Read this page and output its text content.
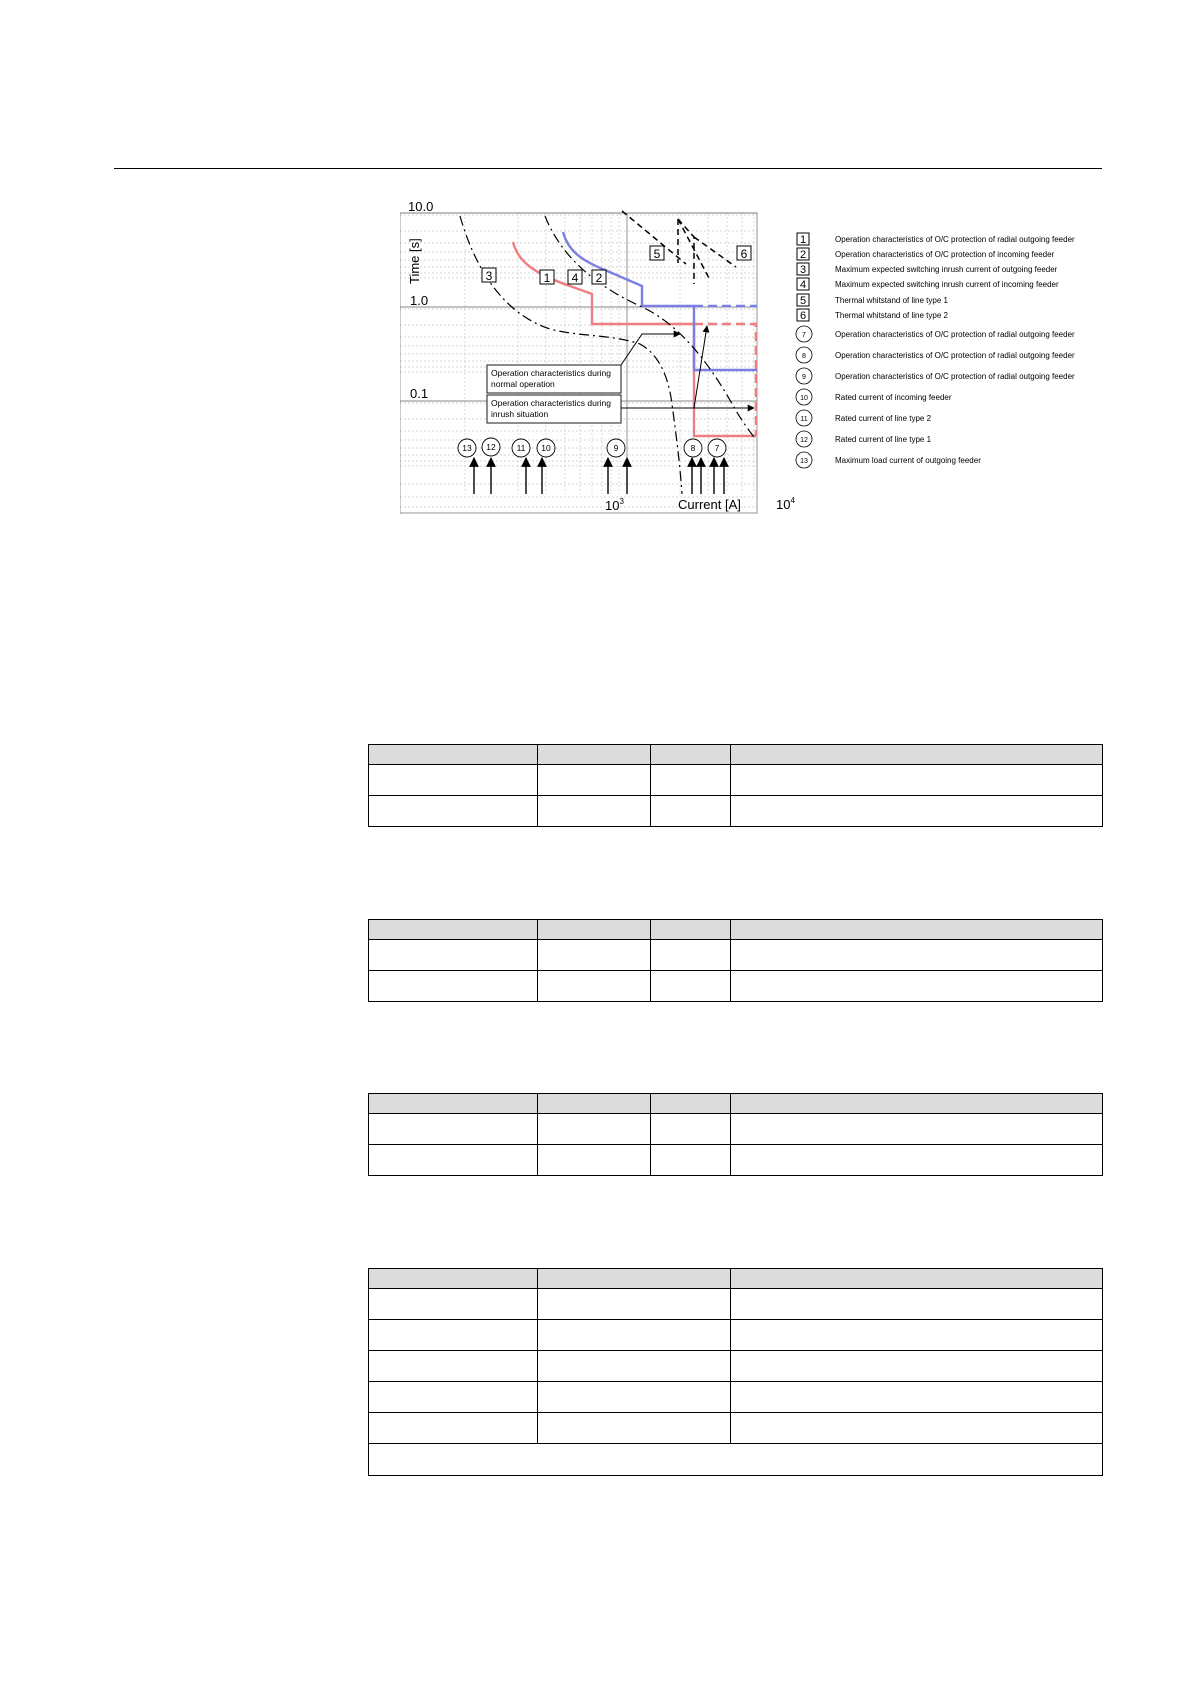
10.0
1.0
0.1
Time [s]
$10^3$	Current [A]	$10^4$
Operation characteristics during
normal operation
Operation characteristics during
inrush situation
3	1 4 2
5	6
13 12 11 10	9	8 7
1	Operation characteristics of O/C protection of radial outgoing feeder
2	Operation characteristics of O/C protection of incoming feeder
3	Maximum expected switching inrush current of outgoing feeder
4	Maximum expected switching inrush current of incoming feeder
5	Thermal whitstand of line type 1
6	Thermal whitstand of line type 2
7	Operation characteristics of O/C protection of radial outgoing feeder
8	Operation characteristics of O/C protection of radial outgoing feeder
9	Operation characteristics of O/C protection of radial outgoing feeder
10	Rated current of incoming feeder
11	Rated current of line type 2
12	Rated current of line type 1
13	Maximum load current of outgoing feeder
